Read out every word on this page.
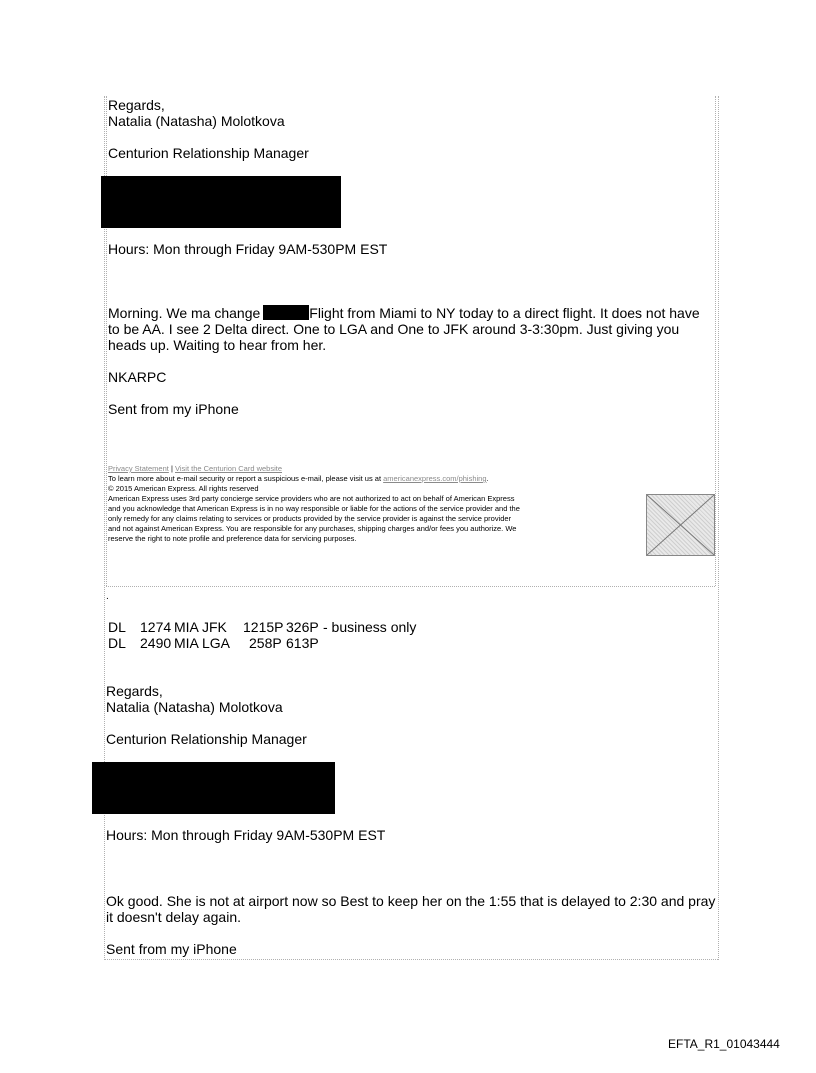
Regards,
Natalia (Natasha) Molotkova
Centurion Relationship Manager
Hours: Mon through Friday 9AM-530PM EST
Morning. We ma change	Flight from Miami to NY today to a direct flight. It does not have
to be AA. I see 2 Delta direct. One to LGA and One to JFK around 3-3:30pm. Just giving you
heads up. Waiting to hear from her.
NKARPC
Sent from my iPhone
Privacy Statement | Visit the Centurion Card website
To learn more about e-mail security or report a suspicious e-mail, please visit us at americanexpress.com/phishing.
© 2015 American Express. All rights reserved
American Express uses 3rd party concierge service providers who are not authorized to act on behalf of American Express
and you acknowledge that American Express is in no way responsible or liable for the actions of the service provider and the
only remedy for any claims relating to services or products provided by the service provider is against the service provider
and not against American Express. You are responsible for any purchases, shipping charges and/or fees you authorize. We
reserve the right to note profile and preference data for servicing purposes.
.
DL 1274 MIA JFK 1215P 326P - business only
DL 2490 MIA LGA 258P 613P
Regards,
Natalia (Natasha) Molotkova
Centurion Relationship Manager
Hours: Mon through Friday 9AM-530PM EST
Ok good. She is not at airport now so Best to keep her on the 1:55 that is delayed to 2:30 and pray
it doesn't delay again.
Sent from my iPhone
EFTA_R1_01043444
